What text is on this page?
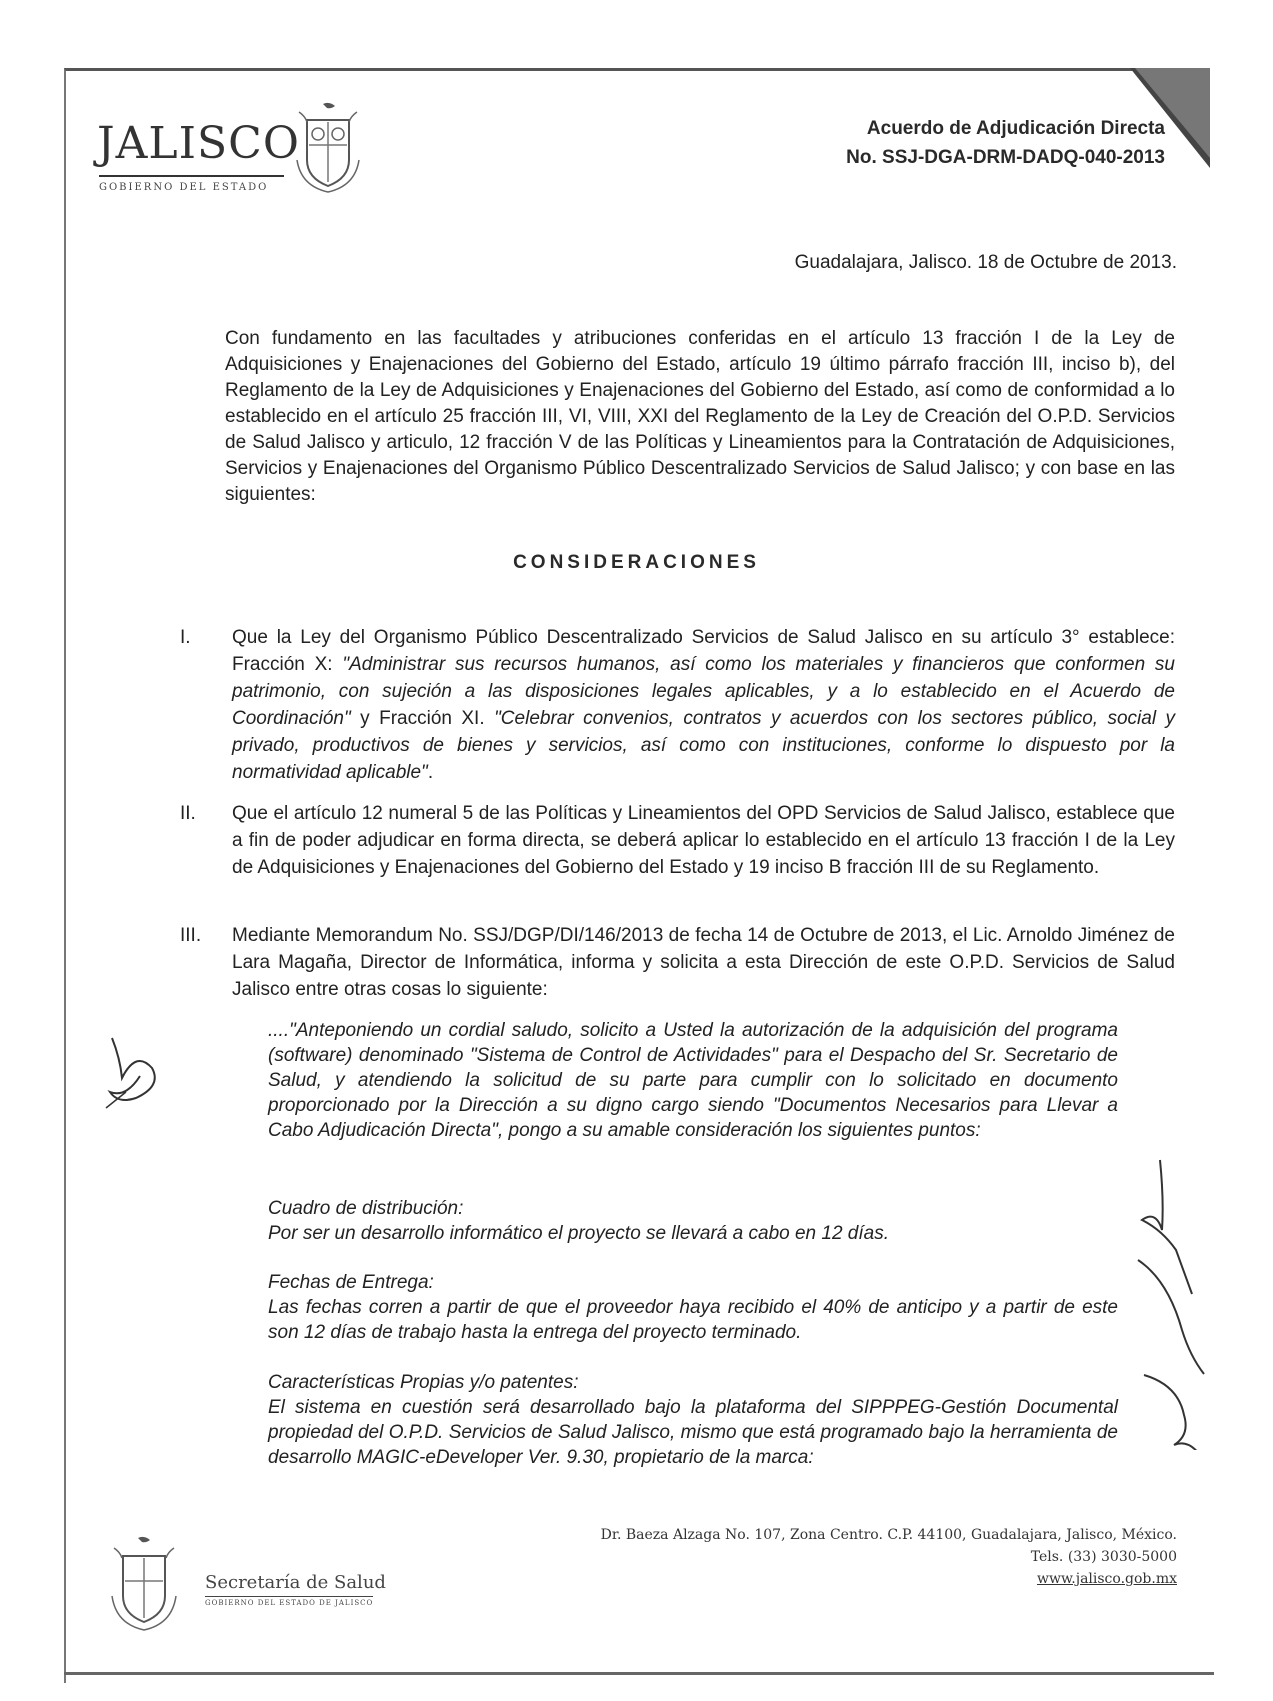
JALISCO
GOBIERNO DEL ESTADO
Acuerdo de Adjudicación Directa
No. SSJ-DGA-DRM-DADQ-040-2013
Guadalajara, Jalisco. 18 de Octubre de 2013.
Con fundamento en las facultades y atribuciones conferidas en el artículo 13 fracción I de la Ley de Adquisiciones y Enajenaciones del Gobierno del Estado, artículo 19 último párrafo fracción III, inciso b), del Reglamento de la Ley de Adquisiciones y Enajenaciones del Gobierno del Estado, así como de conformidad a lo establecido en el artículo 25 fracción III, VI, VIII, XXI del Reglamento de la Ley de Creación del O.P.D. Servicios de Salud Jalisco y articulo, 12 fracción V de las Políticas y Lineamientos para la Contratación de Adquisiciones, Servicios y Enajenaciones del Organismo Público Descentralizado Servicios de Salud Jalisco; y con base en las siguientes:
CONSIDERACIONES
I.	Que la Ley del Organismo Público Descentralizado Servicios de Salud Jalisco en su artículo 3° establece: Fracción X: "Administrar sus recursos humanos, así como los materiales y financieros que conformen su patrimonio, con sujeción a las disposiciones legales aplicables, y a lo establecido en el Acuerdo de Coordinación" y Fracción XI. "Celebrar convenios, contratos y acuerdos con los sectores público, social y privado, productivos de bienes y servicios, así como con instituciones, conforme lo dispuesto por la normatividad aplicable".
II.	Que el artículo 12 numeral 5 de las Políticas y Lineamientos del OPD Servicios de Salud Jalisco, establece que a fin de poder adjudicar en forma directa, se deberá aplicar lo establecido en el artículo 13 fracción I de la Ley de Adquisiciones y Enajenaciones del Gobierno del Estado y 19 inciso B fracción III de su Reglamento.
III.	Mediante Memorandum No. SSJ/DGP/DI/146/2013 de fecha 14 de Octubre de 2013, el Lic. Arnoldo Jiménez de Lara Magaña, Director de Informática, informa y solicita a esta Dirección de este O.P.D. Servicios de Salud Jalisco entre otras cosas lo siguiente:
...."Anteponiendo un cordial saludo, solicito a Usted la autorización de la adquisición del programa (software) denominado "Sistema de Control de Actividades" para el Despacho del Sr. Secretario de Salud, y atendiendo la solicitud de su parte para cumplir con lo solicitado en documento proporcionado por la Dirección a su digno cargo siendo "Documentos Necesarios para Llevar a Cabo Adjudicación Directa", pongo a su amable consideración los siguientes puntos:
Cuadro de distribución:
Por ser un desarrollo informático el proyecto se llevará a cabo en 12 días.
Fechas de Entrega:
Las fechas corren a partir de que el proveedor haya recibido el 40% de anticipo y a partir de este son 12 días de trabajo hasta la entrega del proyecto terminado.
Características Propias y/o patentes:
El sistema en cuestión será desarrollado bajo la plataforma del SIPPPEG-Gestión Documental propiedad del O.P.D. Servicios de Salud Jalisco, mismo que está programado bajo la herramienta de desarrollo MAGIC-eDeveloper Ver. 9.30, propietario de la marca:
Secretaría de Salud
GOBIERNO DEL ESTADO DE JALISCO
Dr. Baeza Alzaga No. 107, Zona Centro. C.P. 44100, Guadalajara, Jalisco, México.
Tels. (33) 3030-5000
www.jalisco.gob.mx
